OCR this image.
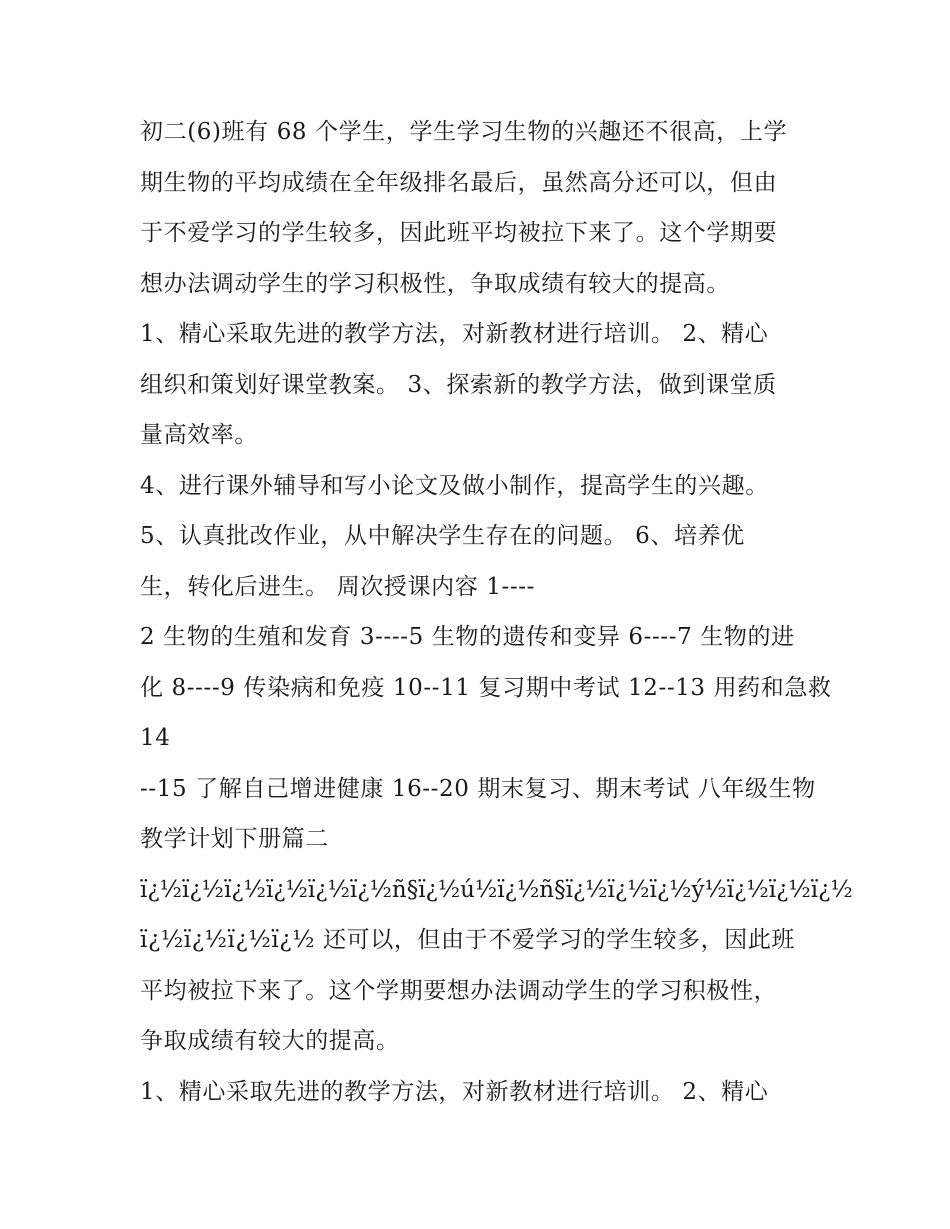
初二(6)班有 68 个学生，学生学习生物的兴趣还不很高，上学
期生物的平均成绩在全年级排名最后，虽然高分还可以，但由
于不爱学习的学生较多，因此班平均被拉下来了。这个学期要
想办法调动学生的学习积极性，争取成绩有较大的提高。
1、精心采取先进的教学方法，对新教材进行培训。 2、精心
组织和策划好课堂教案。 3、探索新的教学方法，做到课堂质
量高效率。
4、进行课外辅导和写小论文及做小制作，提高学生的兴趣。
5、认真批改作业，从中解决学生存在的问题。 6、培养优
生，转化后进生。 周次授课内容 1----
2 生物的生殖和发育 3----5 生物的遗传和变异 6----7 生物的进
化 8----9 传染病和免疫 10--11 复习期中考试 12--13 用药和急救
14
--15 了解自己增进健康 16--20 期末复习、期末考试 八年级生物
教学计划下册篇二
ï¿½ï¿½ï¿½ï¿½ï¿½ï¿½ñ§ï¿½ú½ï¿½ñ§ï¿½ï¿½ï¿½ý½ï¿½ï¿½ï¿½
ï¿½ï¿½ï¿½ï¿½ 还可以，但由于不爱学习的学生较多，因此班
平均被拉下来了。这个学期要想办法调动学生的学习积极性，
争取成绩有较大的提高。
1、精心采取先进的教学方法，对新教材进行培训。 2、精心
